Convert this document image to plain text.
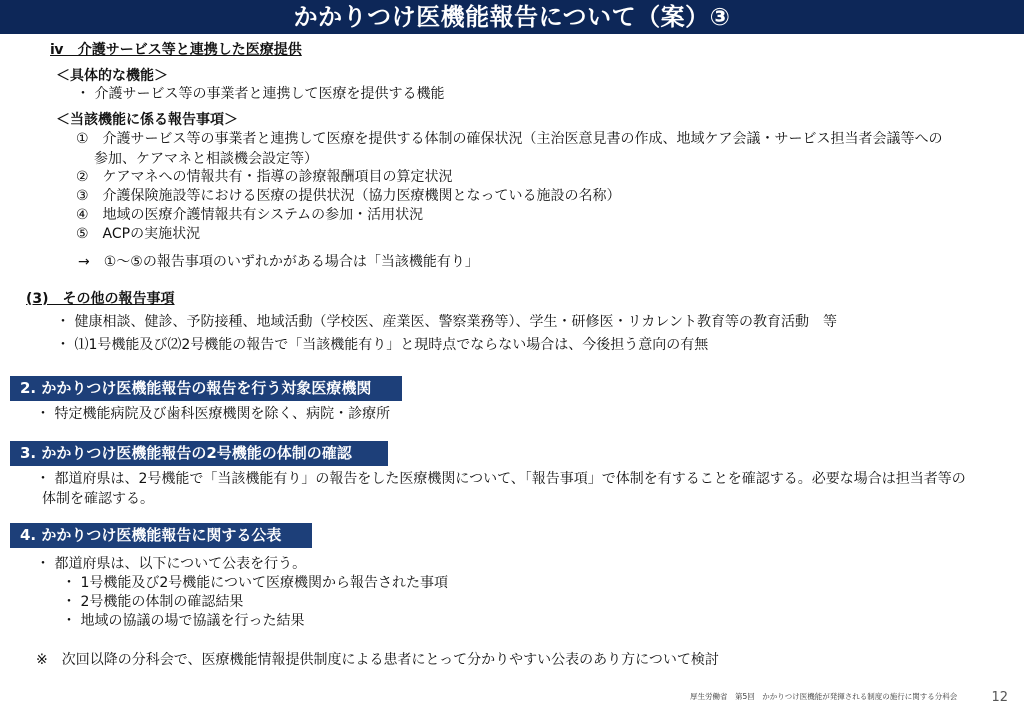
かかりつけ医機能報告について（案）③
ⅳ　介護サービス等と連携した医療提供
＜具体的な機能＞
・ 介護サービス等の事業者と連携して医療を提供する機能
＜当該機能に係る報告事項＞
①　介護サービス等の事業者と連携して医療を提供する体制の確保状況（主治医意見書の作成、地域ケア会議・サービス担当者会議等への
参加、ケアマネと相談機会設定等）
②　ケアマネへの情報共有・指導の診療報酬項目の算定状況
③　介護保険施設等における医療の提供状況（協力医療機関となっている施設の名称）
④　地域の医療介護情報共有システムの参加・活用状況
⑤　ACPの実施状況
→　①～⑤の報告事項のいずれかがある場合は「当該機能有り」
(3)　その他の報告事項
・ 健康相談、健診、予防接種、地域活動（学校医、産業医、警察業務等）、学生・研修医・リカレント教育等の教育活動　等
・ ⑴1号機能及び⑵2号機能の報告で「当該機能有り」と現時点でならない場合は、今後担う意向の有無
2. かかりつけ医機能報告の報告を行う対象医療機関
・ 特定機能病院及び歯科医療機関を除く、病院・診療所
3. かかりつけ医機能報告の2号機能の体制の確認
・ 都道府県は、2号機能で「当該機能有り」の報告をした医療機関について、「報告事項」で体制を有することを確認する。必要な場合は担当者等の
体制を確認する。
4. かかりつけ医機能報告に関する公表
・ 都道府県は、以下について公表を行う。
・ 1号機能及び2号機能について医療機関から報告された事項
・ 2号機能の体制の確認結果
・ 地域の協議の場で協議を行った結果
※　次回以降の分科会で、医療機能情報提供制度による患者にとって分かりやすい公表のあり方について検討
厚生労働省　第5回　かかりつけ医機能が発揮される制度の施行に関する分科会	12
